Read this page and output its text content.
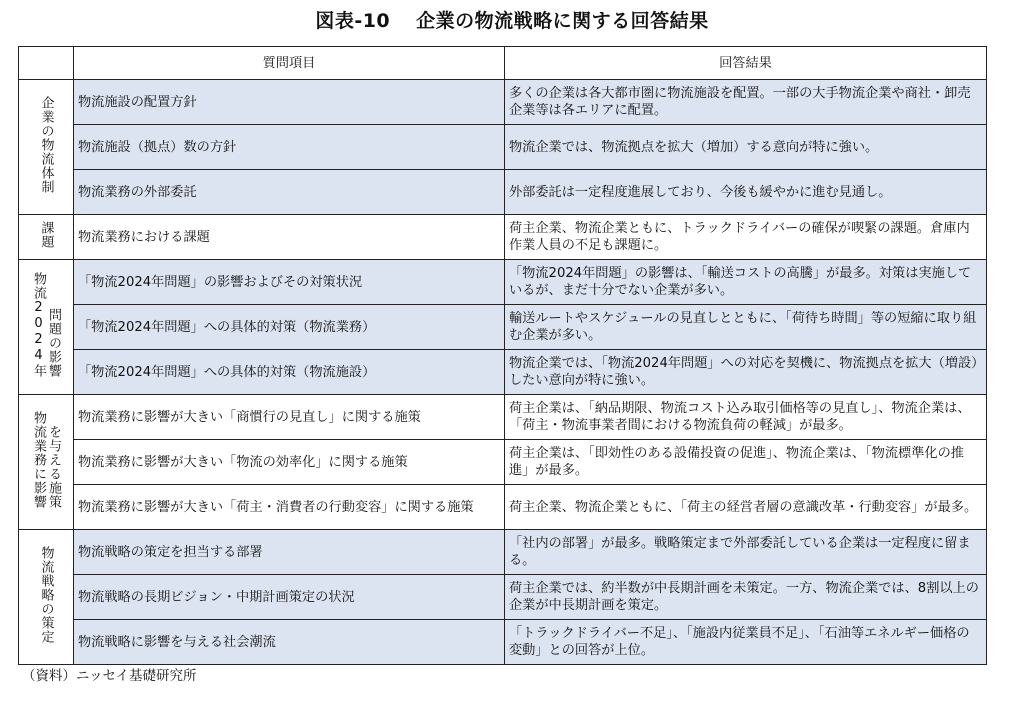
図表-10 企業の物流戦略に関する回答結果
	質問項目	回答結果
企業の物流体制	物流施設の配置方針	多くの企業は各大都市圏に物流施設を配置。一部の大手物流企業や商社・卸売企業等は各エリアに配置。
	物流施設（拠点）数の方針	物流企業では、物流拠点を拡大（増加）する意向が特に強い。
	物流業務の外部委託	外部委託は一定程度進展しており、今後も緩やかに進む見通し。
課題	物流業務における課題	荷主企業、物流企業ともに、トラックドライバーの確保が喫緊の課題。倉庫内作業人員の不足も課題に。
物流2024年問題の影響	「物流2024年問題」の影響およびその対策状況	「物流2024年問題」の影響は、「輸送コストの高騰」が最多。対策は実施しているが、まだ十分でない企業が多い。
	「物流2024年問題」への具体的対策（物流業務）	輸送ルートやスケジュールの見直しとともに、「荷待ち時間」等の短縮に取り組む企業が多い。
	「物流2024年問題」への具体的対策（物流施設）	物流企業では、「物流2024年問題」への対応を契機に、物流拠点を拡大（増設）したい意向が特に強い。
物流業務に影響を与える施策	物流業務に影響が大きい「商慣行の見直し」に関する施策	荷主企業は、「納品期限、物流コスト込み取引価格等の見直し」、物流企業は、「荷主・物流事業者間における物流負荷の軽減」が最多。
	物流業務に影響が大きい「物流の効率化」に関する施策	荷主企業は、「即効性のある設備投資の促進」、物流企業は、「物流標準化の推進」が最多。
	物流業務に影響が大きい「荷主・消費者の行動変容」に関する施策	荷主企業、物流企業ともに、「荷主の経営者層の意識改革・行動変容」が最多。
物流戦略の策定	物流戦略の策定を担当する部署	「社内の部署」が最多。戦略策定まで外部委託している企業は一定程度に留まる。
	物流戦略の長期ビジョン・中期計画策定の状況	荷主企業では、約半数が中長期計画を未策定。一方、物流企業では、8割以上の企業が中長期計画を策定。
	物流戦略に影響を与える社会潮流	「トラックドライバー不足」、「施設内従業員不足」、「石油等エネルギー価格の変動」との回答が上位。
（資料）ニッセイ基礎研究所
